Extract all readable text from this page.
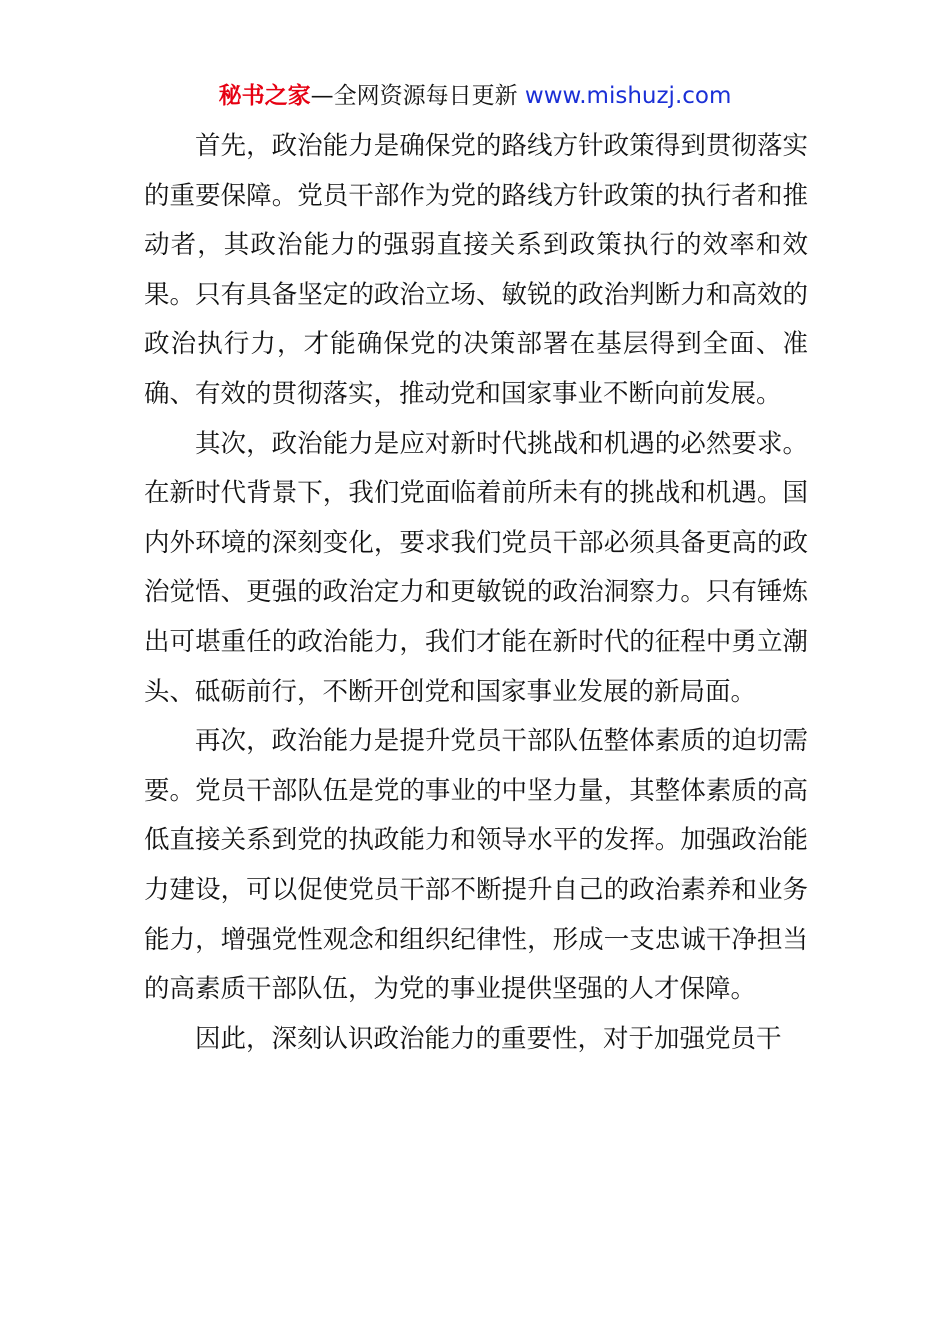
秘书之家—全网资源每日更新 www.mishuzj.com

首先，政治能力是确保党的路线方针政策得到贯彻落实的重要保障。党员干部作为党的路线方针政策的执行者和推动者，其政治能力的强弱直接关系到政策执行的效率和效果。只有具备坚定的政治立场、敏锐的政治判断力和高效的政治执行力，才能确保党的决策部署在基层得到全面、准确、有效的贯彻落实，推动党和国家事业不断向前发展。

其次，政治能力是应对新时代挑战和机遇的必然要求。在新时代背景下，我们党面临着前所未有的挑战和机遇。国内外环境的深刻变化，要求我们党员干部必须具备更高的政治觉悟、更强的政治定力和更敏锐的政治洞察力。只有锤炼出可堪重任的政治能力，我们才能在新时代的征程中勇立潮头、砥砺前行，不断开创党和国家事业发展的新局面。

再次，政治能力是提升党员干部队伍整体素质的迫切需要。党员干部队伍是党的事业的中坚力量，其整体素质的高低直接关系到党的执政能力和领导水平的发挥。加强政治能力建设，可以促使党员干部不断提升自己的政治素养和业务能力，增强党性观念和组织纪律性，形成一支忠诚干净担当的高素质干部队伍，为党的事业提供坚强的人才保障。

因此，深刻认识政治能力的重要性，对于加强党员干
